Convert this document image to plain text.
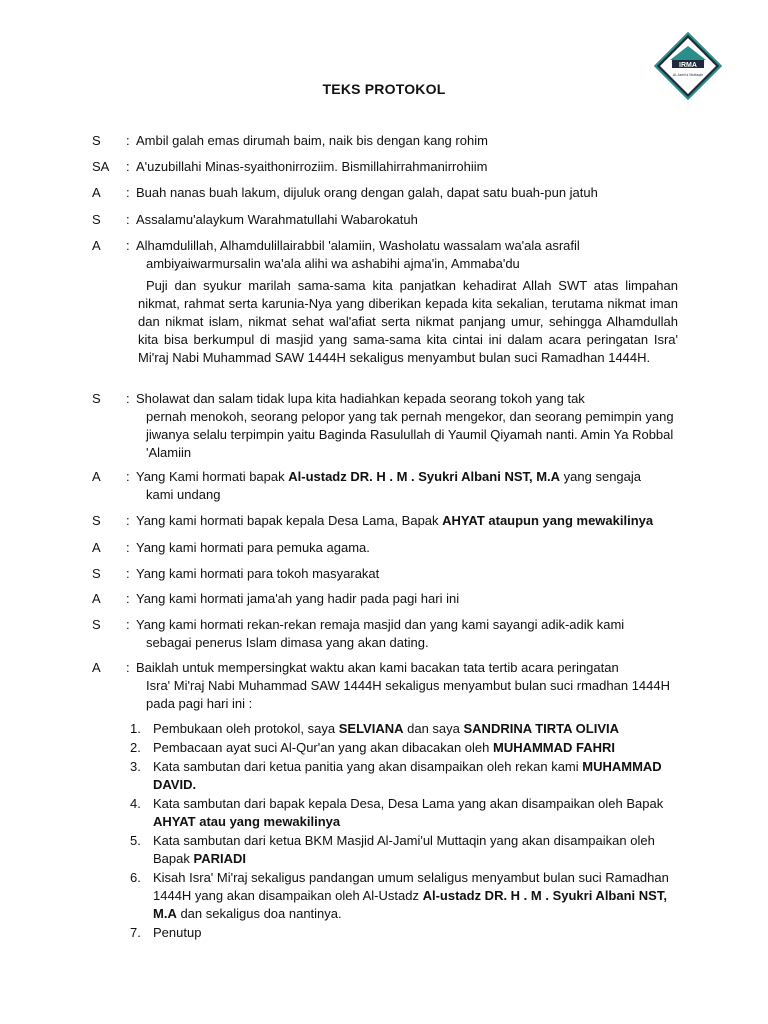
IRMA
Al-Jami'ul Muttaqin
TEKS PROTOKOL
S	: Ambil galah emas dirumah baim, naik bis dengan kang rohim
SA	: A'uzubillahi Minas-syaithonirroziim. Bismillahirrahmanirrohiim
A	: Buah nanas buah lakum, dijuluk orang dengan galah, dapat satu buah-pun jatuh
S	: Assalamu'alaykum Warahmatullahi Wabarokatuh
A	: Alhamdulillah, Alhamdulillairabbil 'alamiin, Washolatu wassalam wa'ala asrafil
ambiyaiwarmursalin wa'ala alihi wa ashabihi ajma'in, Ammaba'du
Puji dan syukur marilah sama-sama kita panjatkan kehadirat Allah SWT atas limpahan nikmat, rahmat serta karunia-Nya yang diberikan kepada kita sekalian, terutama nikmat iman dan nikmat islam, nikmat sehat wal'afiat serta nikmat panjang umur, sehingga Alhamdullah kita bisa berkumpul di masjid yang sama-sama kita cintai ini dalam acara peringatan Isra' Mi'raj Nabi Muhammad SAW 1444H sekaligus menyambut bulan suci Ramadhan 1444H.
S	: Sholawat dan salam tidak lupa kita hadiahkan kepada seorang tokoh yang tak
pernah menokoh, seorang pelopor yang tak pernah mengekor, dan seorang pemimpin yang jiwanya selalu terpimpin yaitu Baginda Rasulullah di Yaumil Qiyamah nanti. Amin Ya Robbal 'Alamiin
A	: Yang Kami hormati bapak Al-ustadz DR. H . M . Syukri Albani NST, M.A yang sengaja
kami undang
S	: Yang kami hormati bapak kepala Desa Lama, Bapak AHYAT ataupun yang mewakilinya
A	: Yang kami hormati para pemuka agama.
S	: Yang kami hormati para tokoh masyarakat
A	: Yang kami hormati jama'ah yang hadir pada pagi hari ini
S	: Yang kami hormati rekan-rekan remaja masjid dan yang kami sayangi adik-adik kami
sebagai penerus Islam dimasa yang akan dating.
A	: Baiklah untuk mempersingkat waktu akan kami bacakan tata tertib acara peringatan
Isra' Mi'raj Nabi Muhammad SAW 1444H sekaligus menyambut bulan suci rmadhan 1444H pada pagi hari ini :
1. Pembukaan oleh protokol, saya SELVIANA dan saya SANDRINA TIRTA OLIVIA
2. Pembacaan ayat suci Al-Qur'an yang akan dibacakan oleh MUHAMMAD FAHRI
3. Kata sambutan dari ketua panitia yang akan disampaikan oleh rekan kami MUHAMMAD DAVID.
4. Kata sambutan dari bapak kepala Desa, Desa Lama yang akan disampaikan oleh Bapak AHYAT atau yang mewakilinya
5. Kata sambutan dari ketua BKM Masjid Al-Jami'ul Muttaqin yang akan disampaikan oleh Bapak PARIADI
6. Kisah Isra' Mi'raj sekaligus pandangan umum selaligus menyambut bulan suci Ramadhan 1444H yang akan disampaikan oleh Al-Ustadz Al-ustadz DR. H . M . Syukri Albani NST, M.A dan sekaligus doa nantinya.
7. Penutup
